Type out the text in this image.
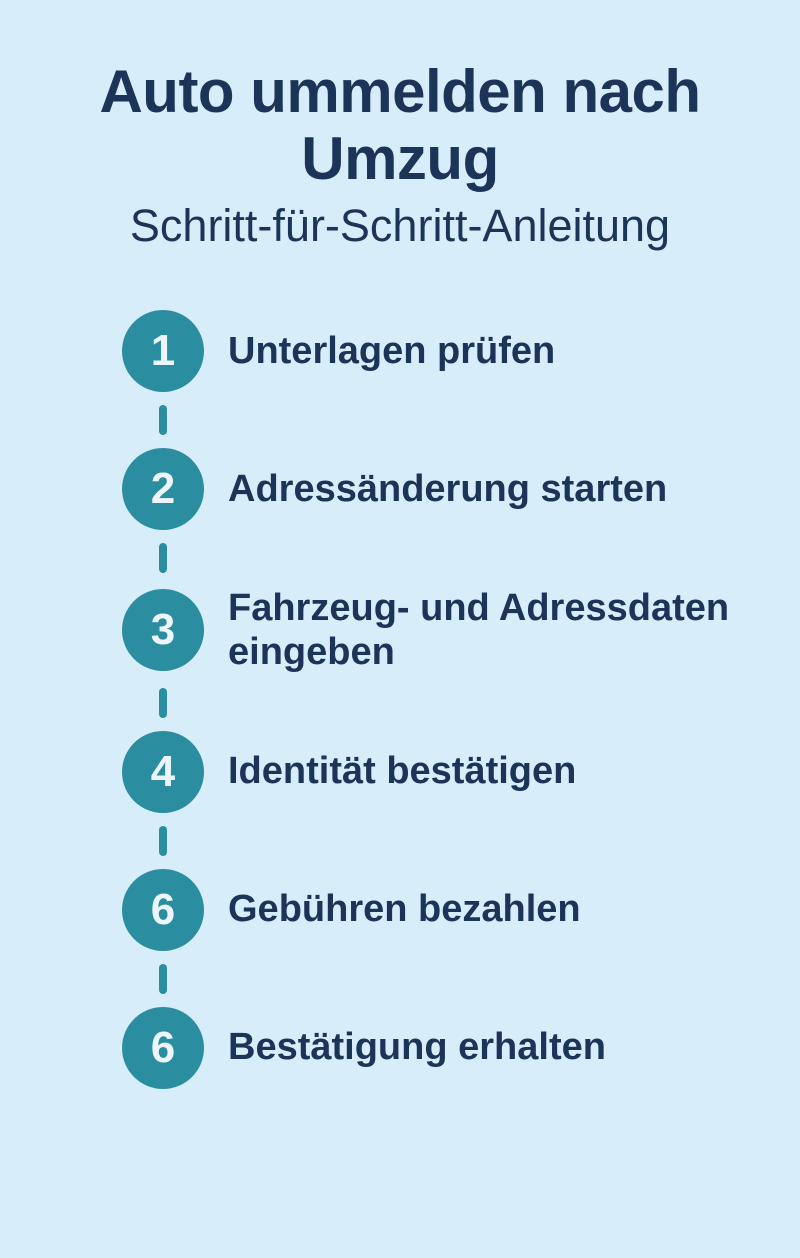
Auto ummelden nach
Umzug
Schritt-für-Schritt-Anleitung
1 Unterlagen prüfen
2 Adressänderung starten
3 Fahrzeug- und Adressdaten eingeben
4 Identität bestätigen
6 Gebühren bezahlen
6 Bestätigung erhalten
